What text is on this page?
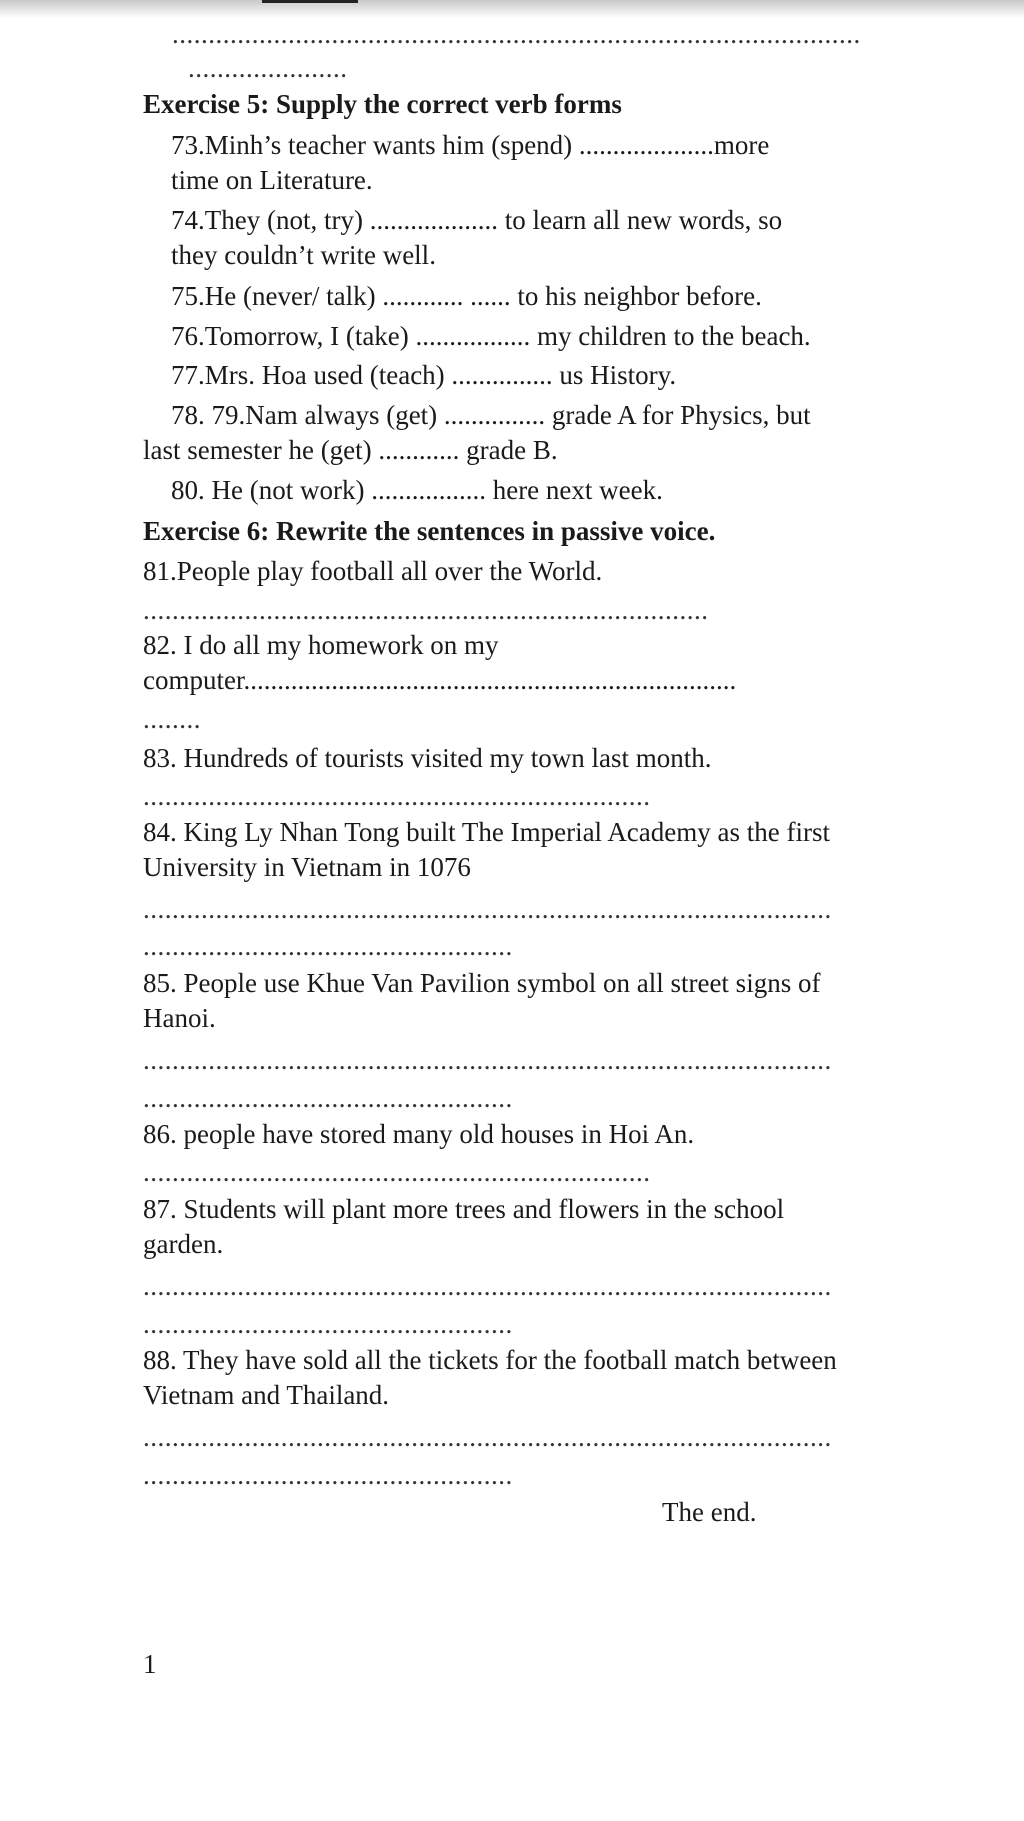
...............................................................................................
......................

Exercise 5: Supply the correct verb forms

73.Minh’s teacher wants him (spend) ....................more

time on Literature.

74.They (not, try) ................... to learn all new words, so

they couldn’t write well.

75.He (never/ talk) ............ ...... to his neighbor before.

76.Tomorrow, I (take) ................. my children to the beach.

77.Mrs. Hoa used (teach) ............... us History.

78. 79.Nam always (get) ............... grade A for Physics, but

last semester he (get) ............ grade B.

80. He (not work) ................. here next week.

Exercise 6: Rewrite the sentences in passive voice.

81.People play football all over the World.

..............................................................................

82. I do all my homework on my

computer.........................................................................

........

83. Hundreds of tourists visited my town last month.

......................................................................

84. King Ly Nhan Tong built The Imperial Academy as the first

University in Vietnam in 1076

...............................................................................................
...................................................

85. People use Khue Van Pavilion symbol on all street signs of

Hanoi.

...............................................................................................
...................................................

86. people have stored many old houses in Hoi An.

......................................................................

87. Students will plant more trees and flowers in the school

garden.

...............................................................................................
...................................................

88. They have sold all the tickets for the football match between

Vietnam and Thailand.

...............................................................................................
...................................................

The end.

1
